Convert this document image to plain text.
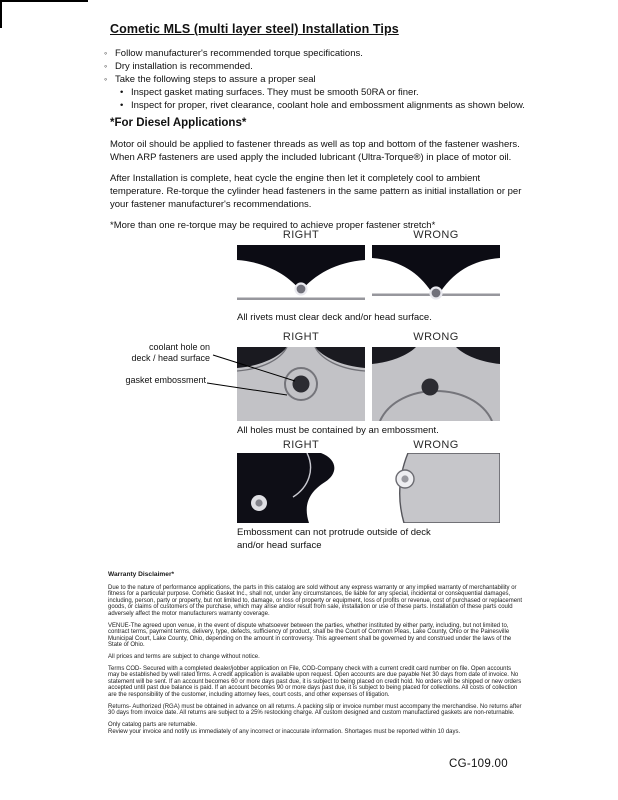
Cometic MLS (multi layer steel) Installation Tips
◦
Follow manufacturer's recommended torque specifications.
◦
Dry installation is recommended.
◦
Take the following steps to assure a proper seal
•
Inspect gasket mating surfaces. They must be smooth 50RA or finer.
•
Inspect for proper, rivet clearance, coolant hole and embossment alignments as shown below.
*For Diesel Applications*

Motor oil should be applied to fastener threads as well as top and bottom of the fastener washers. When ARP fasteners are used apply the included lubricant (Ultra-Torque®) in place of motor oil.

After Installation is complete, heat cycle the engine then let it completely cool to ambient temperature. Re-torque the cylinder head fasteners in the same pattern as initial installation or per your fastener manufacturer's recommendations.

*More than one re-torque may be required to achieve proper fastener stretch*

RIGHT	WRONG
All rivets must clear deck and/or head surface.
RIGHT	WRONG
coolant hole on
deck / head surface
gasket embossment
All holes must be contained by an embossment.
RIGHT	WRONG
Embossment can not protrude outside of deck
and/or head surface
Warranty Disclaimer*

Due to the nature of performance applications, the parts in this catalog are sold without any express warranty or any implied warranty of merchantability or fitness for a particular purpose. Cometic Gasket Inc., shall not, under any circumstances, be liable for any special, incidental or consequential damages, including, person, party or property, but not limited to, damage, or loss of property or equipment, loss of profits or revenue, cost of purchased or replacement goods, or claims of customers of the purchase, which may arise and/or result from sale, installation or use of these parts. Installation of these parts could adversely affect the motor manufacturers warranty coverage.

VENUE-The agreed upon venue, in the event of dispute whatsoever between the parties, whether instituted by either party, including, but not limited to, contract terms, payment terms, delivery, type, defects, sufficiency of product, shall be the Court of Common Pleas, Lake County, Ohio or the Painesville Municipal Court, Lake County, Ohio, depending on the amount in controversy. This agreement shall be governed by and construed under the laws of the State of Ohio.

All prices and terms are subject to change without notice.

Terms COD- Secured with a completed dealer/jobber application on File, COD-Company check with a current credit card number on file. Open accounts may be established by well rated firms. A credit application is available upon request. Open accounts are due payable Net 30 days from date of invoice. No statement will be sent. If an account becomes 60 or more days past due, it is subject to being placed on credit hold. No orders will be shipped or new orders accepted until past due balance is paid. If an account becomes 90 or more days past due, it is subject to being placed for collections. All costs of collection are the responsibility of the customer, including attorney fees, court costs, and other expenses of litigation.

Returns- Authorized (RGA) must be obtained in advance on all returns. A packing slip or invoice number must accompany the merchandise. No returns after 30 days from invoice date. All returns are subject to a 25% restocking charge. All custom designed and custom manufactured gaskets are non-returnable.

Only catalog parts are returnable.

Review your invoice and notify us immediately of any incorrect or inaccurate information. Shortages must be reported within 10 days.

CG-109.00
